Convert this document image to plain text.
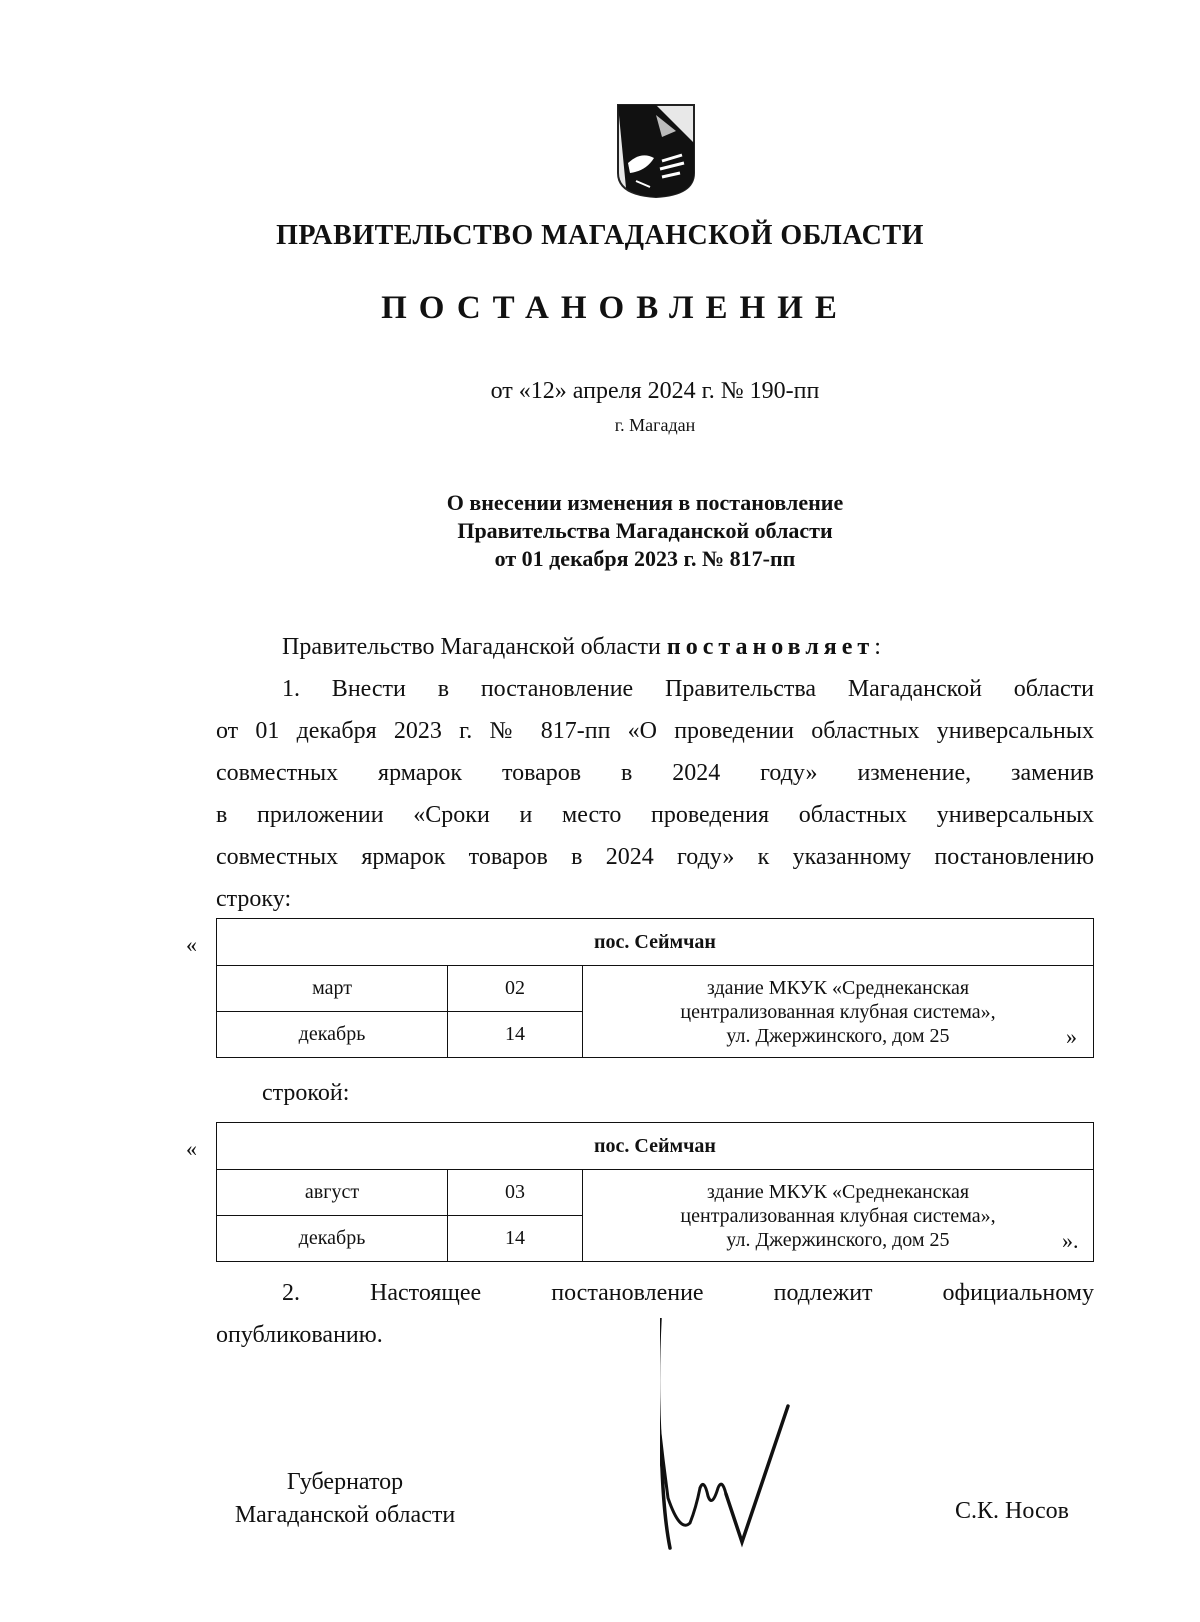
ПРАВИТЕЛЬСТВО МАГАДАНСКОЙ ОБЛАСТИ
ПОСТАНОВЛЕНИЕ
от «12» апреля 2024 г. № 190-пп
г. Магадан
О внесении изменения в постановление
Правительства Магаданской области
от 01 декабря 2023 г. № 817-пп
Правительство Магаданской области постановляет:
1. Внести в постановление Правительства Магаданской области
от 01 декабря 2023 г. № 817-пп «О проведении областных универсальных
совместных ярмарок товаров в 2024 году» изменение, заменив
в приложении «Сроки и место проведения областных универсальных
совместных ярмарок товаров в 2024 году» к указанному постановлению
строку:
«	пос. Сеймчан		
март	02	здание МКУК «Среднеканская
централизованная клубная система»,
ул. Джержинского, дом 25

декабрь	14		»
строкой:
«	пос. Сеймчан		
август	03	здание МКУК «Среднеканская
централизованная клубная система»,
ул. Джержинского, дом 25

декабрь	14		».
2. Настоящее постановление подлежит официальному
опубликованию.
Губернатор
Магаданской области	С.К. Носов
